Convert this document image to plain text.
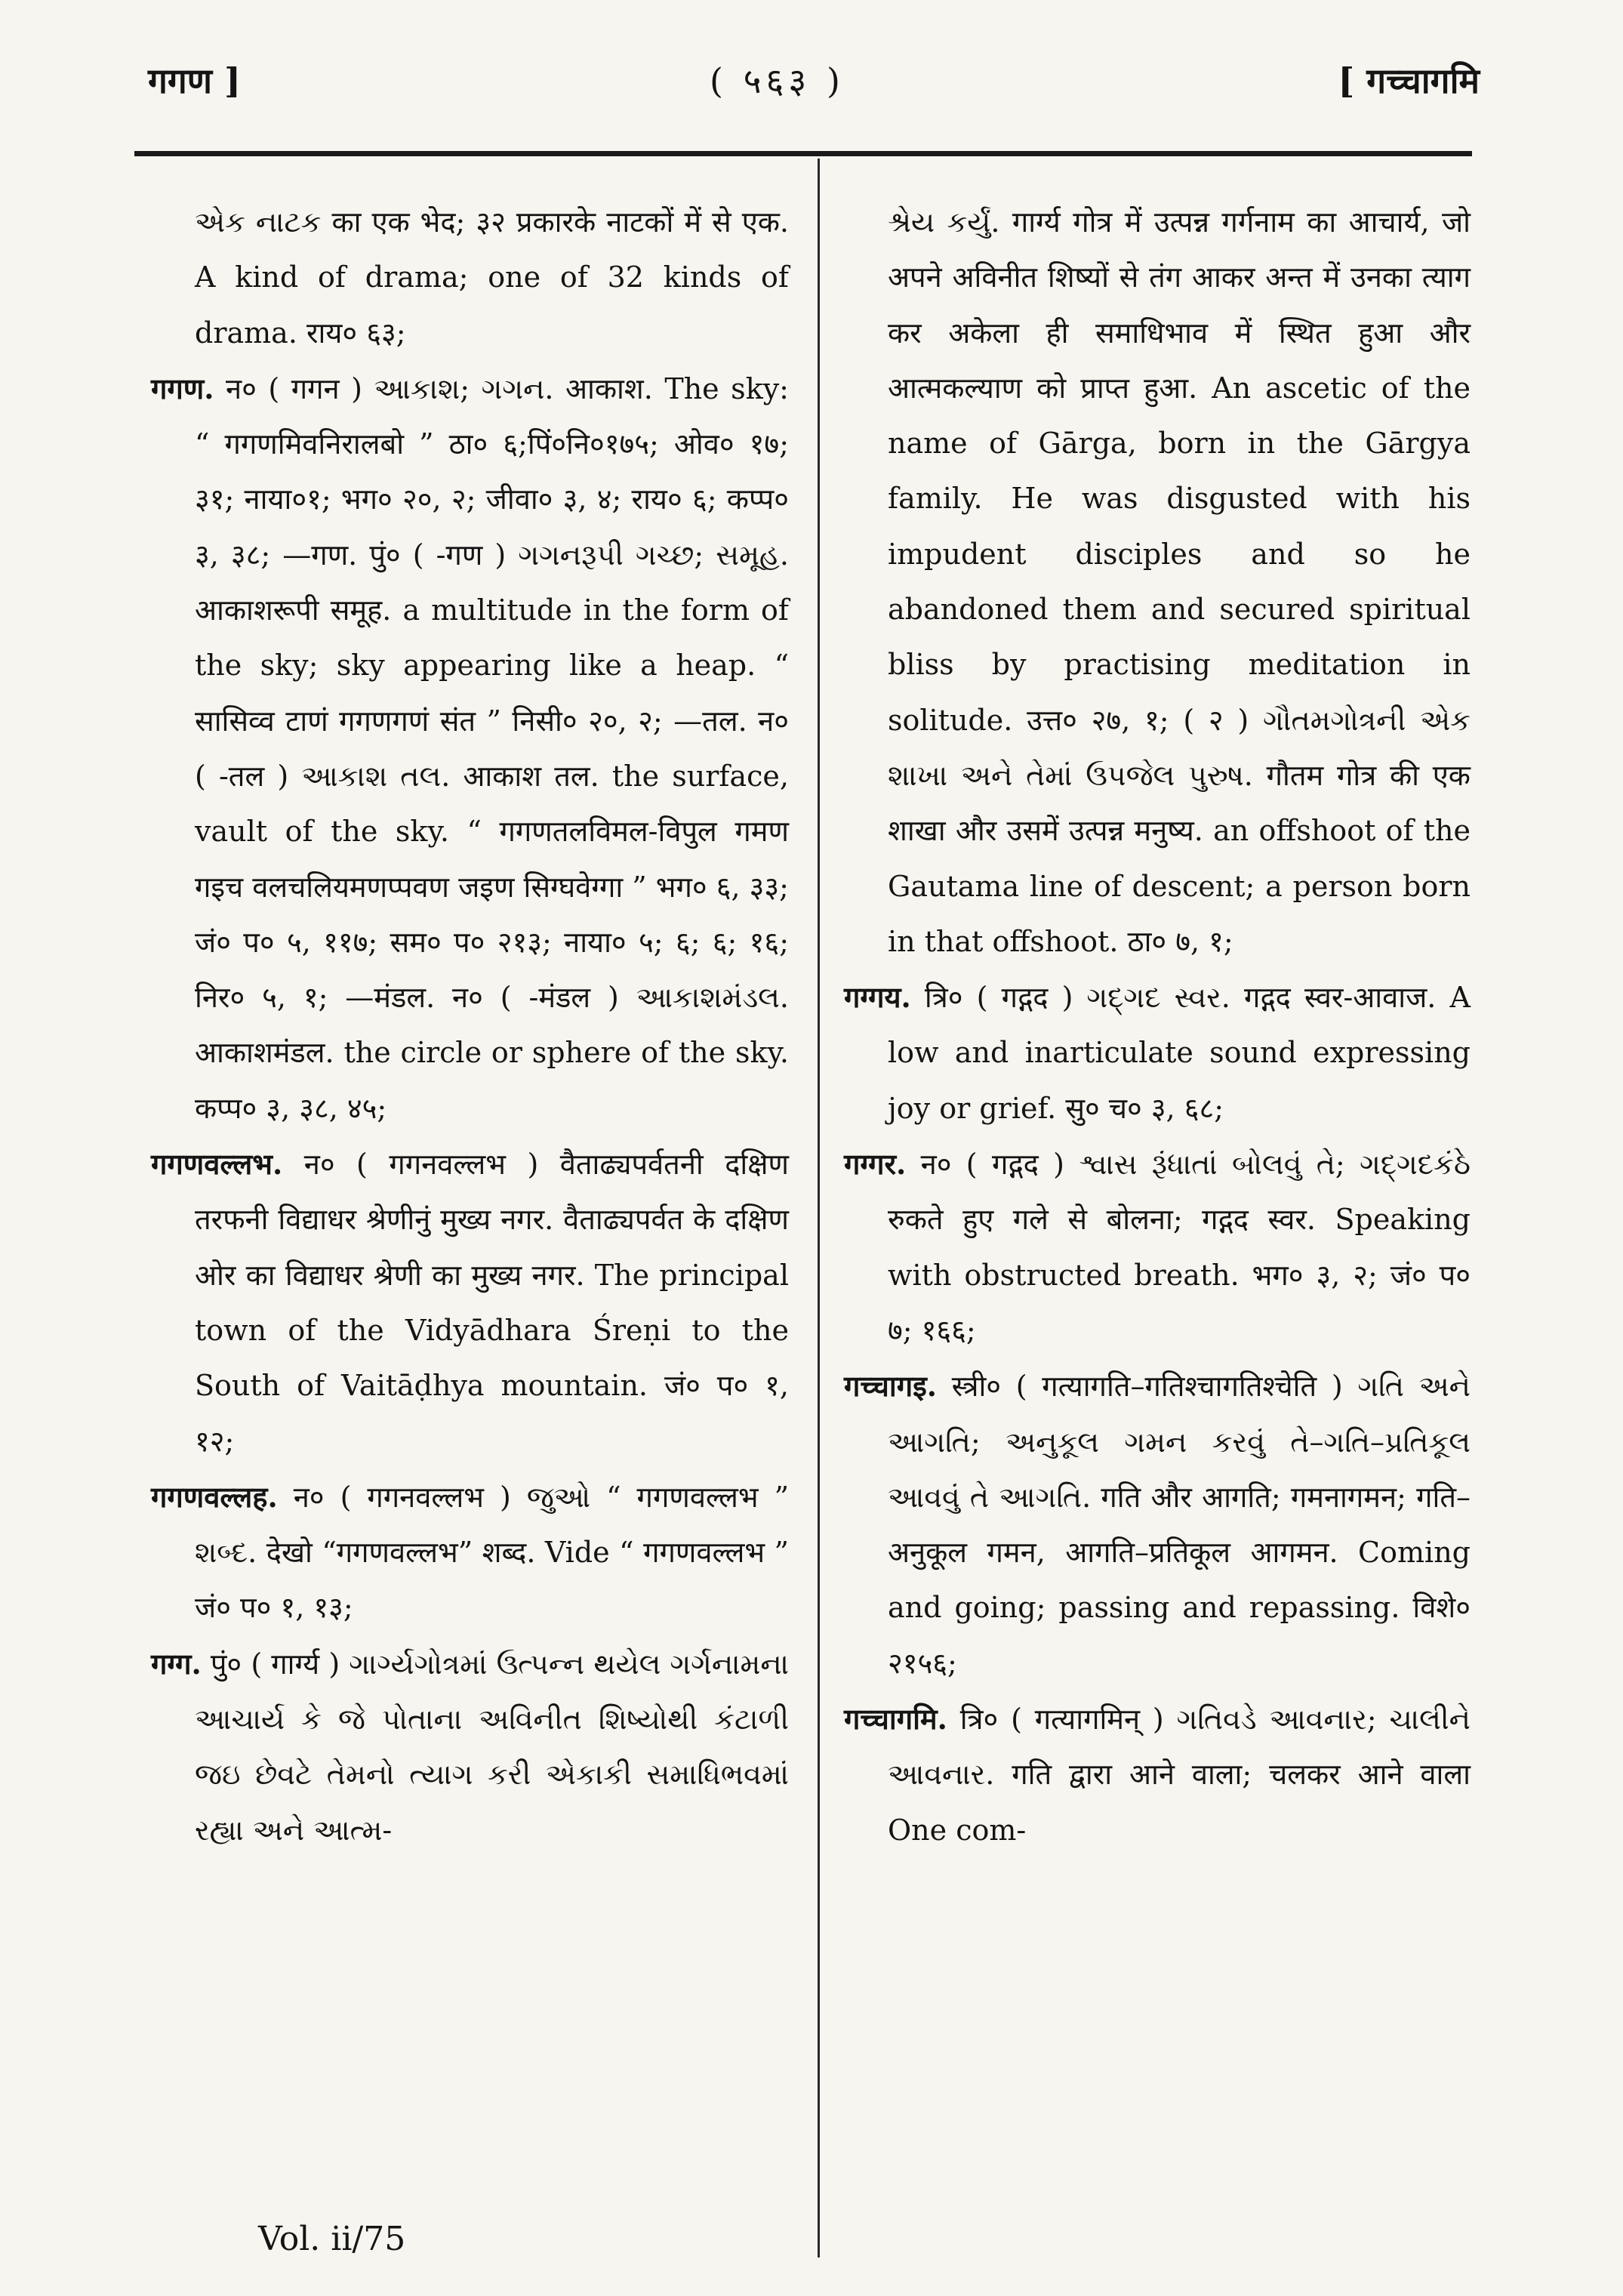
गगण ]	( ५६३ )	[ गच्चागमि
એક નાટક का एक भेद; ३२ प्रकारके नाटकों में से एक. A kind of drama; one of 32 kinds of drama. राय० ६३;
गगण. न० ( गगन ) આકાશ; ગગન. आकाश. The sky: “ गगणमिवनिरालबो ” ठा० ६;पिं०नि०१७५; ओव० १७; ३१; नाया०१; भग० २०, २; जीवा० ३, ४; राय० ६; कप्प० ३, ३८; —गण. पुं० ( -गण ) ગગનરૂપી ગચ્છ; સમૂહ. आकाशरूपी समूह. a multitude in the form of the sky; sky appearing like a heap. “ सासिव्व टाणं गगणगणं संत ” निसी० २०, २; —तल. न० ( -तल ) આકાશ તલ. आकाश तल. the surface, vault of the sky. “ गगणतलविमल-विपुल गमण गइच वलचलियमणप्पवण जइण सिग्घवेग्गा ” भग० ६, ३३; जं० प० ५, ११७; सम० प० २१३; नाया० ५; ६; ६; १६; निर० ५, १; —मंडल. न० ( -मंडल ) આકાશમંડલ. आकाशमंडल. the circle or sphere of the sky. कप्प० ३, ३८, ४५;
गगणवल्लभ. न० ( गगनवल्लभ ) वैताढ्यपर्वतनी दक्षिण तरफनी विद्याधर श्रेणीनुं मुख्य नगर. वैताढ्यपर्वत के दक्षिण ओर का विद्याधर श्रेणी का मुख्य नगर. The principal town of the Vidyādhara Śreṇi to the South of Vaitāḍhya mountain. जं० प० १, १२;
गगणवल्लह. न० ( गगनवल्लभ ) જુઓ “ गगणवल्लभ ” શબ્દ. देखो “गगणवल्लभ” शब्द. Vide “ गगणवल्लभ ” जं० प० १, १३;
गग्ग. पुं० ( गार्ग्य ) ગાર્ગ્યગોત્રમાં ઉત્પન્ન થયેલ ગર્ગનામના આચાર્ય કે જે પોતાના અવિનીત શિષ્યોથી કંટાળી જઇ છેવટે તેમનો ત્યાગ કરી એકાકી સમાધિભવમાં રહ્યા અને આત્મ-
શ્રેય કર્યું. गार्ग्य गोत्र में उत्पन्न गर्गनाम का आचार्य, जो अपने अविनीत शिष्यों से तंग आकर अन्त में उनका त्याग कर अकेला ही समाधिभाव में स्थित हुआ और आत्मकल्याण को प्राप्त हुआ. An ascetic of the name of Gārga, born in the Gārgya family. He was disgusted with his impudent disciples and so he abandoned them and secured spiritual bliss by practising meditation in solitude. उत्त० २७, १; ( २ ) ગૌતમગોત્રની એક શાખા અને તેમાં ઉપજેલ પુરુષ. गौतम गोत्र की एक शाखा और उसमें उत्पन्न मनुष्य. an offshoot of the Gautama line of descent; a person born in that offshoot. ठा० ७, १;
गग्गय. त्रि० ( गद्गद ) ગદ્ગદ સ્વર. गद्गद स्वर-आवाज. A low and inarticulate sound expressing joy or grief. सु० च० ३, ६८;
गग्गर. न० ( गद्गद ) શ્વાસ રૂંધાતાં બોલવું તે; ગદ્ગદકંઠે रुकते हुए गले से बोलना; गद्गद स्वर. Speaking with obstructed breath. भग० ३, २; जं० प० ७; १६६;
गच्चागइ. स्त्री० ( गत्यागति–गतिश्चागतिश्चेति ) ગતિ અને આગતિ; અનુકૂલ ગમન કરવું તે–ગતિ–પ્રતિકૂલ આવવું તે આગતિ. गति और आगति; गमनागमन; गति–अनुकूल गमन, आगति–प्रतिकूल आगमन. Coming and going; passing and repassing. विशे० २१५६;
गच्चागमि. त्रि० ( गत्यागमिन् ) ગતિવડે આવનાર; ચાલીને આવનાર. गति द्वारा आने वाला; चलकर आने वाला One com-
Vol. ii/75
